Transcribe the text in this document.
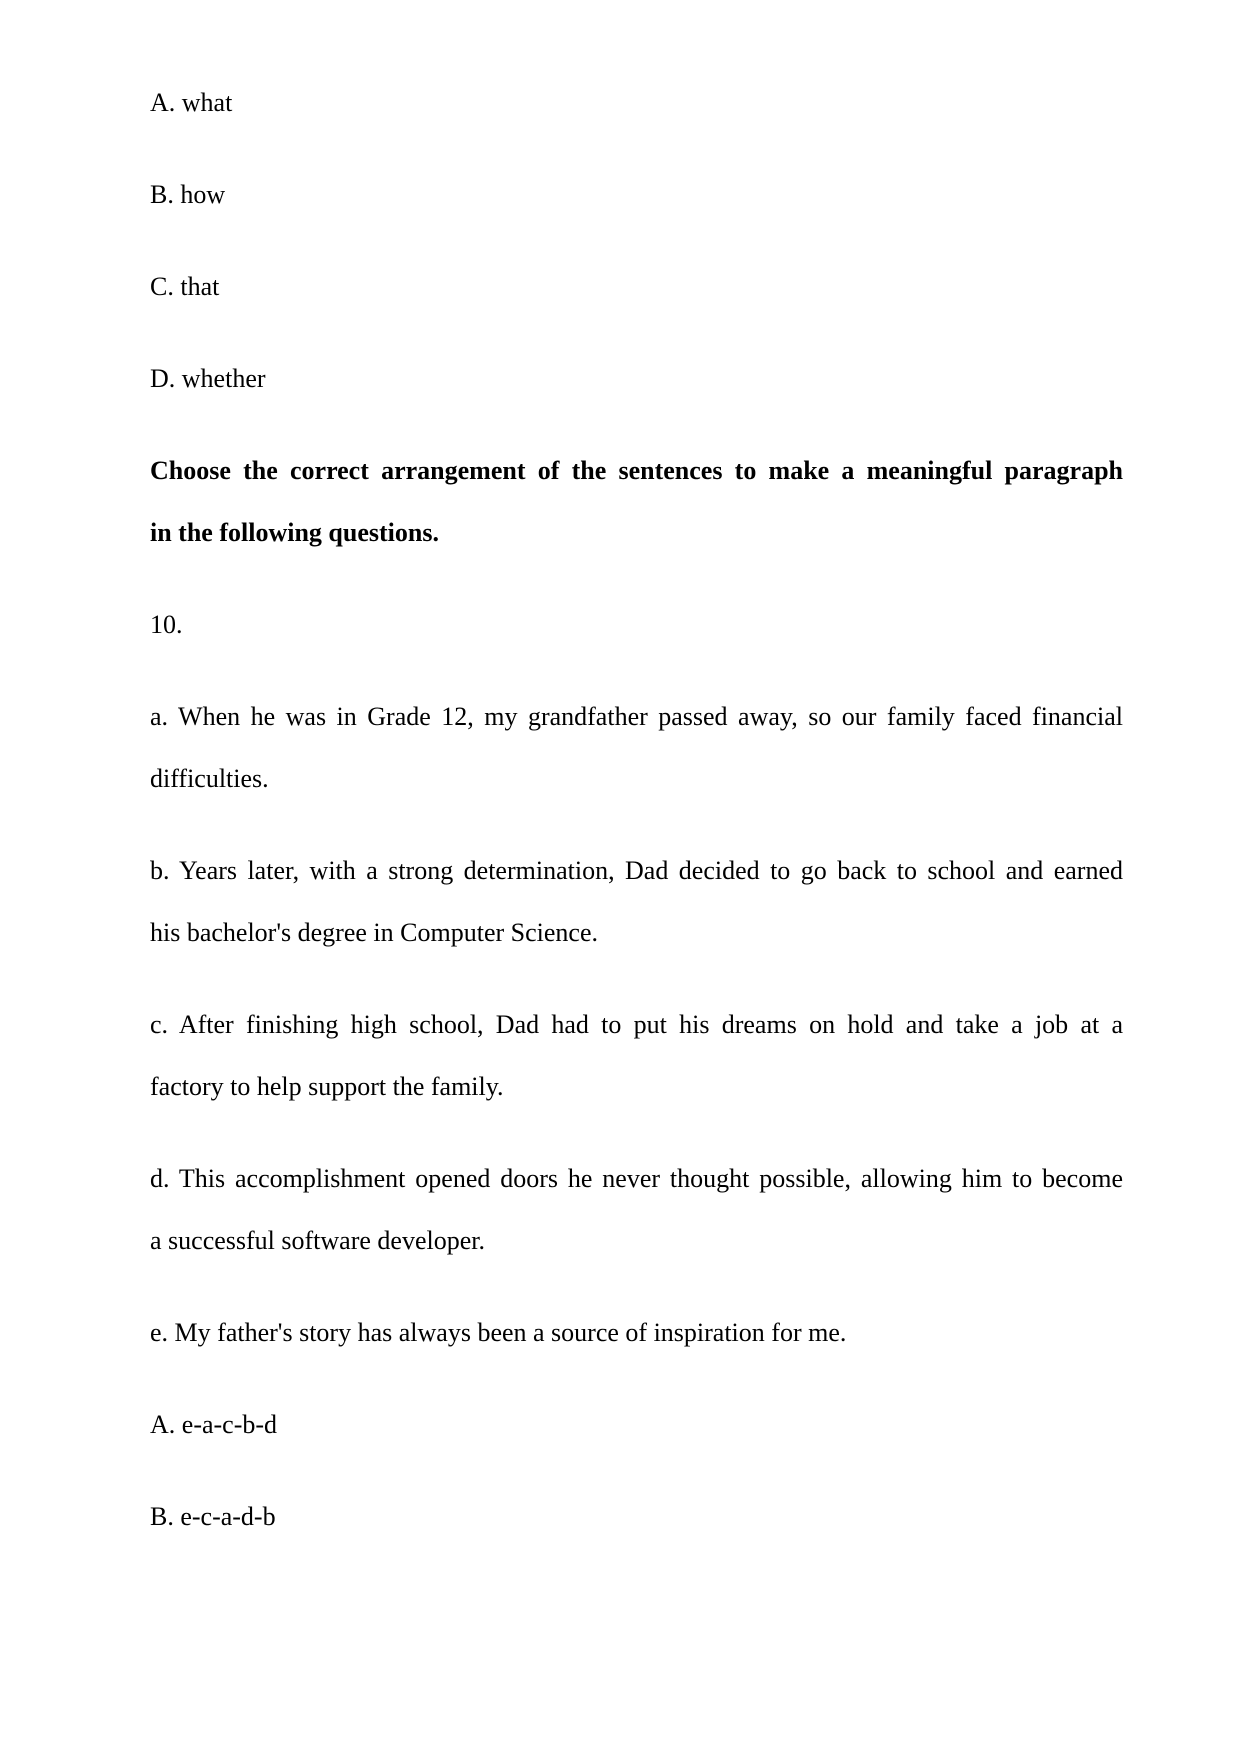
A. what
B. how
C. that
D. whether
Choose the correct arrangement of the sentences to make a meaningful paragraph
in the following questions.
10.
a. When he was in Grade 12, my grandfather passed away, so our family faced financial
difficulties.
b. Years later, with a strong determination, Dad decided to go back to school and earned
his bachelor's degree in Computer Science.
c. After finishing high school, Dad had to put his dreams on hold and take a job at a
factory to help support the family.
d. This accomplishment opened doors he never thought possible, allowing him to become
a successful software developer.
e. My father's story has always been a source of inspiration for me.
A. e-a-c-b-d
B. e-c-a-d-b
